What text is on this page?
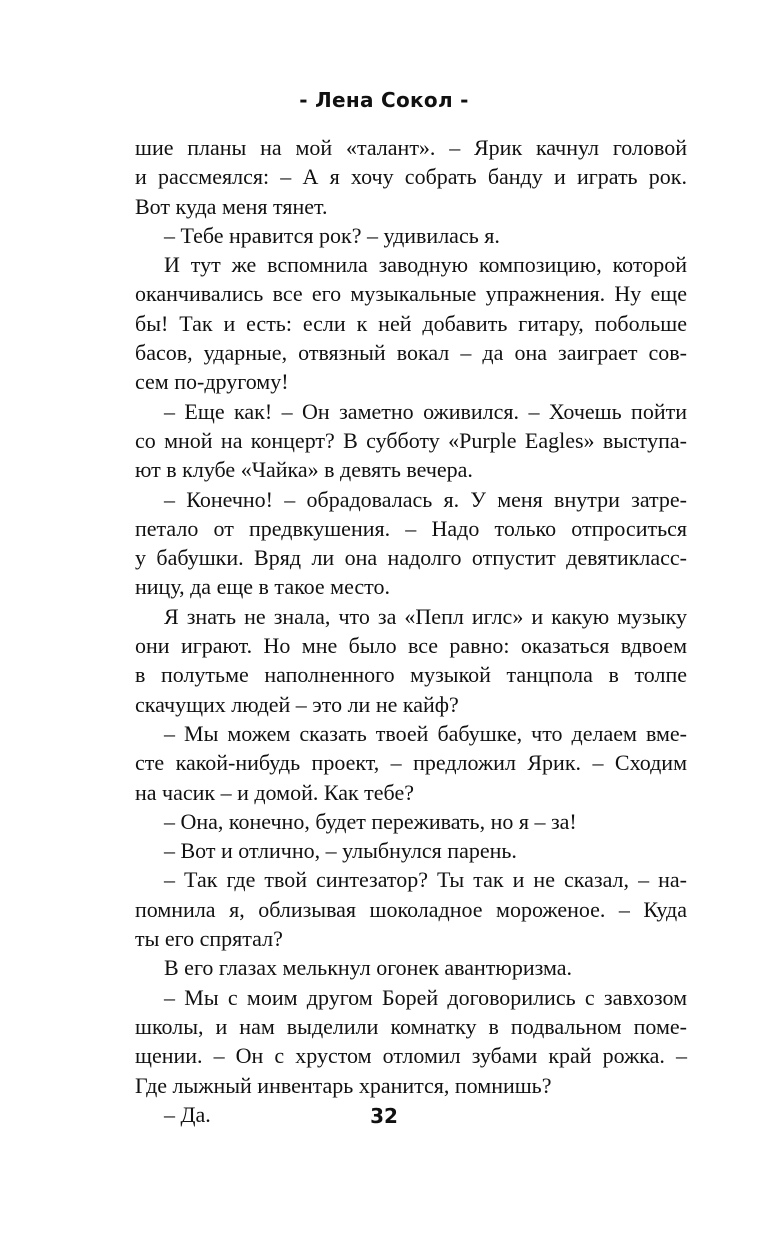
- Лена Сокол -
шие планы на мой «талант». – Ярик качнул головой
и рассмеялся: – А я хочу собрать банду и играть рок.
Вот куда меня тянет.
– Тебе нравится рок? – удивилась я.
И тут же вспомнила заводную композицию, которой
оканчивались все его музыкальные упражнения. Ну еще
бы! Так и есть: если к ней добавить гитару, побольше
басов, ударные, отвязный вокал – да она заиграет сов-
сем по-другому!
– Еще как! – Он заметно оживился. – Хочешь пойти
со мной на концерт? В субботу «Purple Eagles» выступа-
ют в клубе «Чайка» в девять вечера.
– Конечно! – обрадовалась я. У меня внутри затре-
петало от предвкушения. – Надо только отпроситься
у бабушки. Вряд ли она надолго отпустит девятикласс-
ницу, да еще в такое место.
Я знать не знала, что за «Пепл иглс» и какую музыку
они играют. Но мне было все равно: оказаться вдвоем
в полутьме наполненного музыкой танцпола в толпе
скачущих людей – это ли не кайф?
– Мы можем сказать твоей бабушке, что делаем вме-
сте какой-нибудь проект, – предложил Ярик. – Сходим
на часик – и домой. Как тебе?
– Она, конечно, будет переживать, но я – за!
– Вот и отлично, – улыбнулся парень.
– Так где твой синтезатор? Ты так и не сказал, – на-
помнила я, облизывая шоколадное мороженое. – Куда
ты его спрятал?
В его глазах мелькнул огонек авантюризма.
– Мы с моим другом Борей договорились с завхозом
школы, и нам выделили комнатку в подвальном поме-
щении. – Он с хрустом отломил зубами край рожка. –
Где лыжный инвентарь хранится, помнишь?
– Да.	32
